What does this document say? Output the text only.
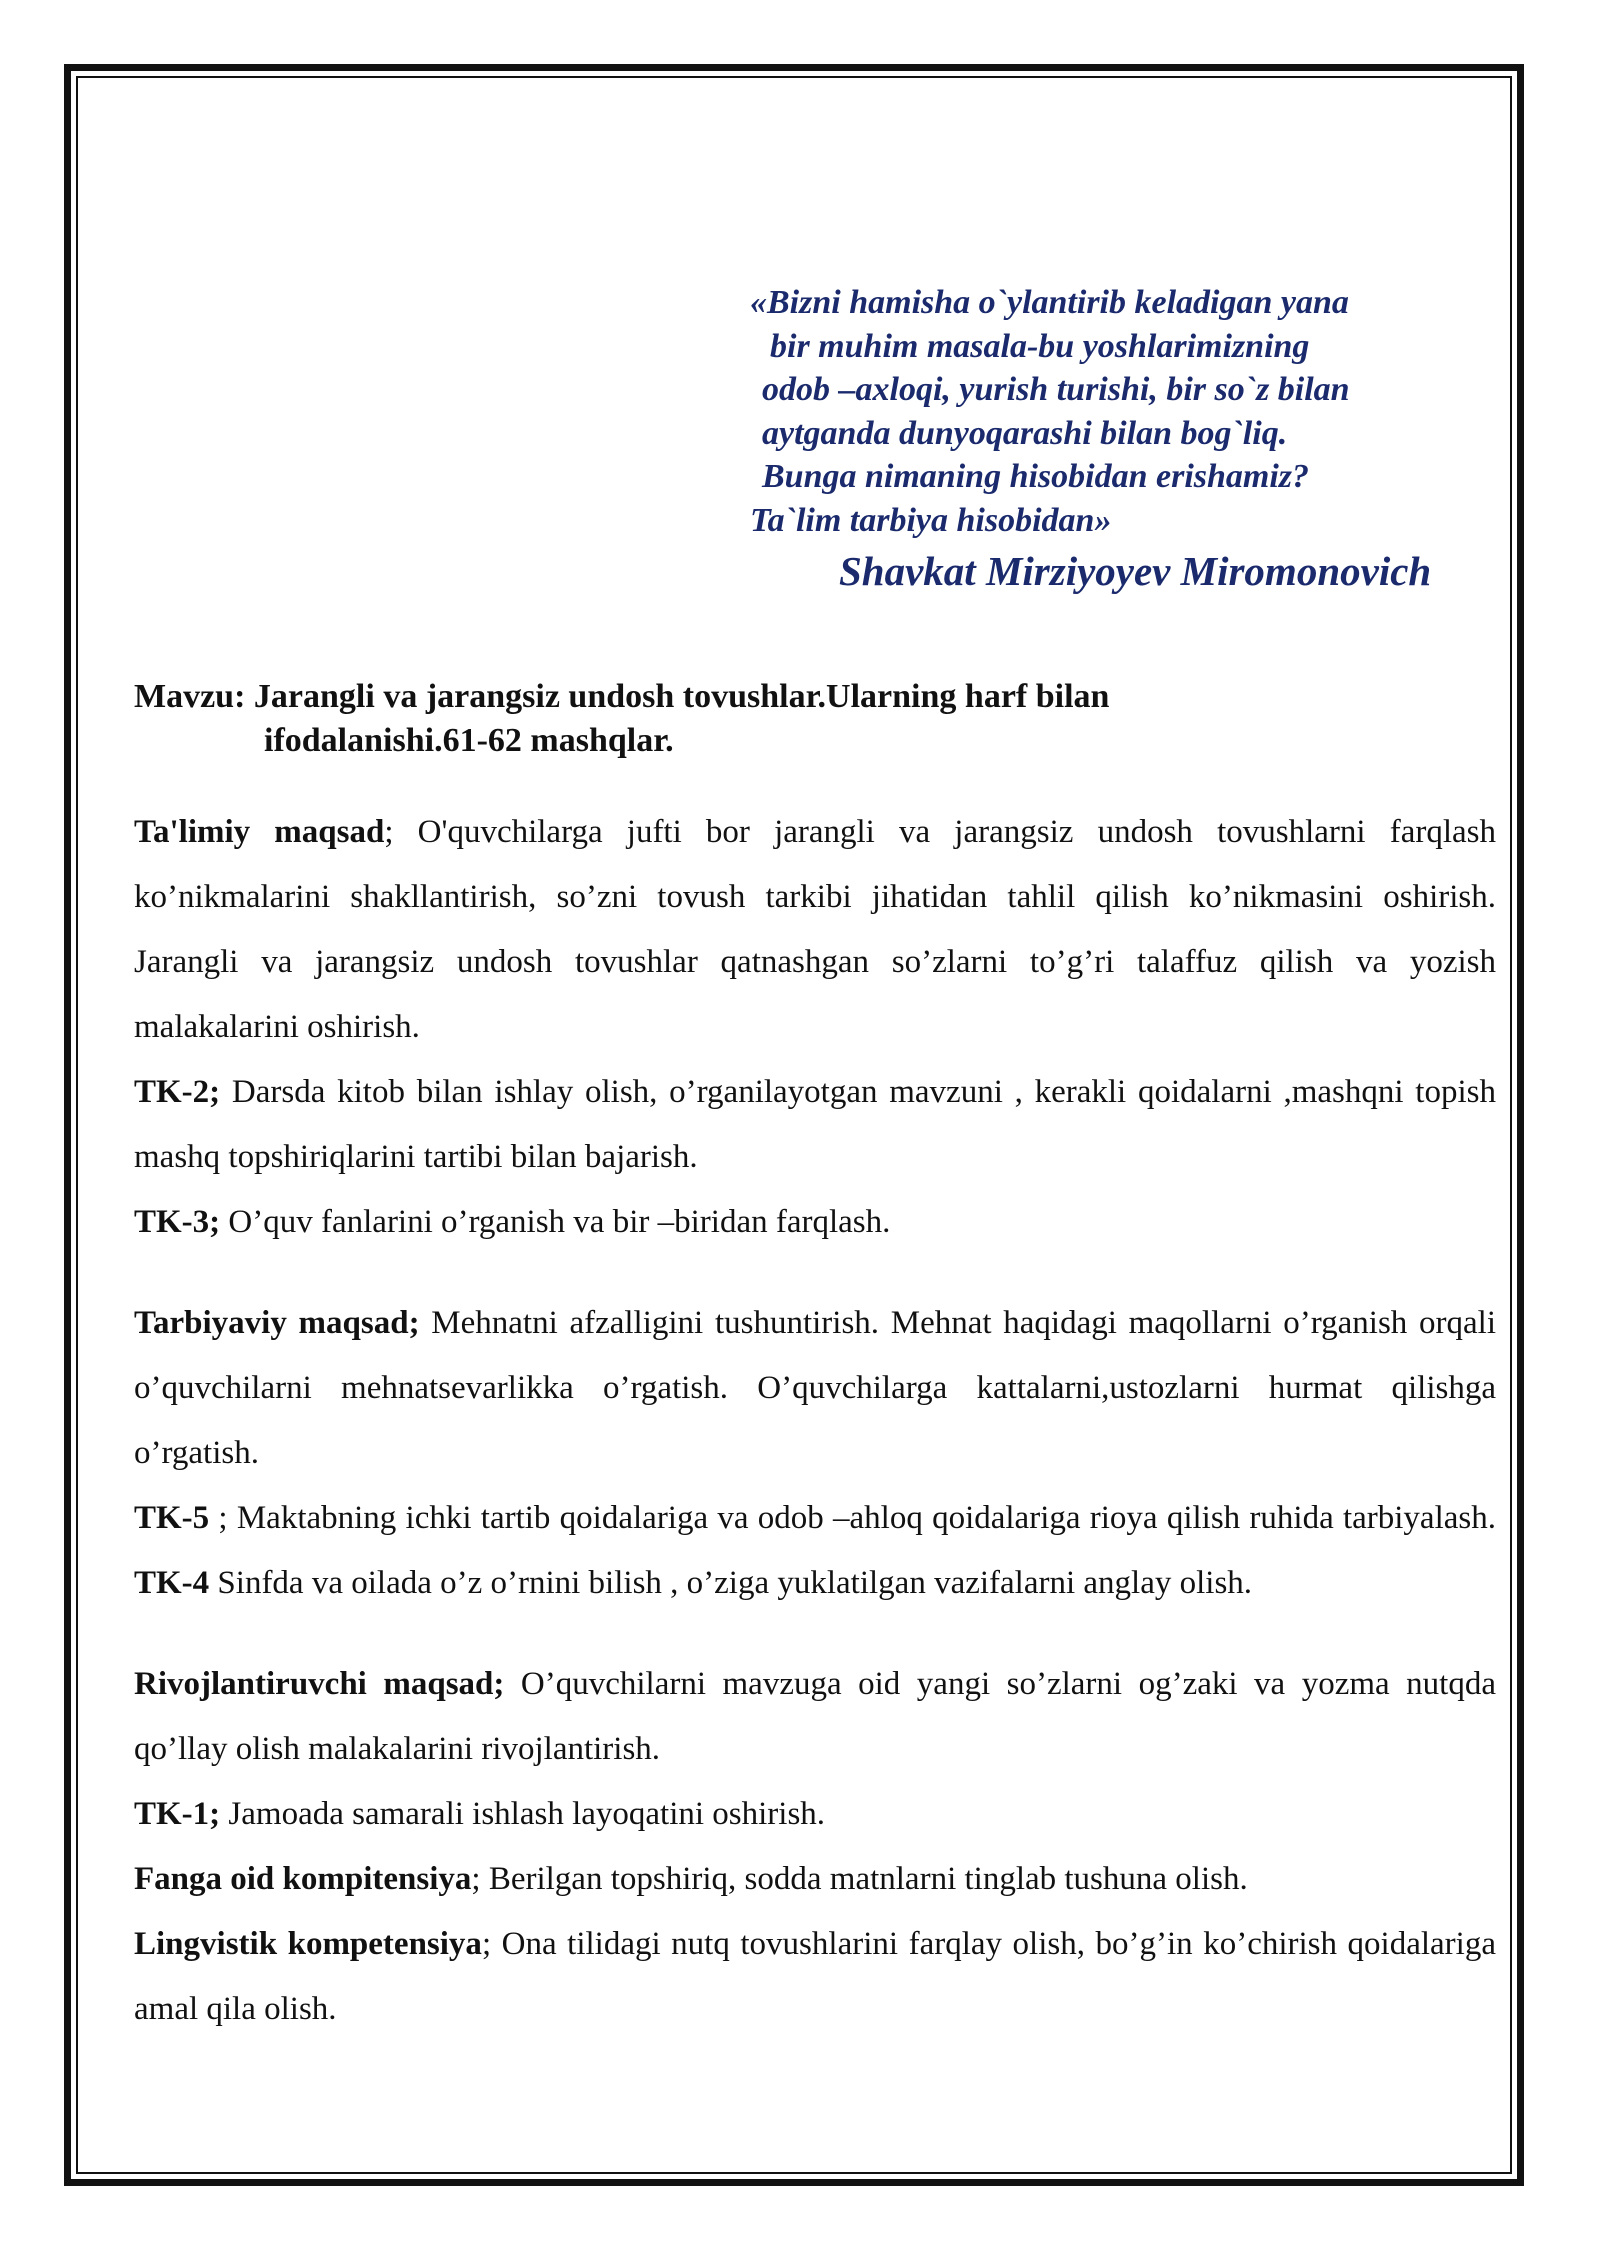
«Bizni hamisha o`ylantirib keladigan yana
bir muhim masala-bu yoshlarimizning
odob –axloqi, yurish turishi, bir so`z bilan
aytganda dunyoqarashi bilan bog`liq.
Bunga nimaning hisobidan erishamiz?
Ta`lim tarbiya hisobidan»
Shavkat Mirziyoyev Miromonovich
Mavzu: Jarangli va jarangsiz undosh tovushlar.Ularning harf bilan
ifodalanishi.61-62 mashqlar.

Ta'limiy maqsad; O'quvchilarga jufti bor jarangli va jarangsiz undosh tovushlarni farqlash ko’nikmalarini shakllantirish, so’zni tovush tarkibi jihatidan tahlil qilish ko’nikmasini oshirish. Jarangli va jarangsiz undosh tovushlar qatnashgan so’zlarni to’g’ri talaffuz qilish va yozish malakalarini oshirish.

TK-2; Darsda kitob bilan ishlay olish, o’rganilayotgan mavzuni , kerakli qoidalarni ,mashqni topish mashq topshiriqlarini tartibi bilan bajarish.

TK-3; O’quv fanlarini o’rganish va bir –biridan farqlash.

Tarbiyaviy maqsad; Mehnatni afzalligini tushuntirish. Mehnat haqidagi maqollarni o’rganish orqali o’quvchilarni mehnatsevarlikka o’rgatish. O’quvchilarga kattalarni,ustozlarni hurmat qilishga o’rgatish.

TK-5 ; Maktabning ichki tartib qoidalariga va odob –ahloq qoidalariga rioya qilish ruhida tarbiyalash. TK-4 Sinfda va oilada o’z o’rnini bilish , o’ziga yuklatilgan vazifalarni anglay olish.

Rivojlantiruvchi maqsad; O’quvchilarni mavzuga oid yangi so’zlarni og’zaki va yozma nutqda qo’llay olish malakalarini rivojlantirish.

TK-1; Jamoada samarali ishlash layoqatini oshirish.

Fanga oid kompitensiya; Berilgan topshiriq, sodda matnlarni tinglab tushuna olish.

Lingvistik kompetensiya; Ona tilidagi nutq tovushlarini farqlay olish, bo’g’in ko’chirish qoidalariga amal qila olish.
